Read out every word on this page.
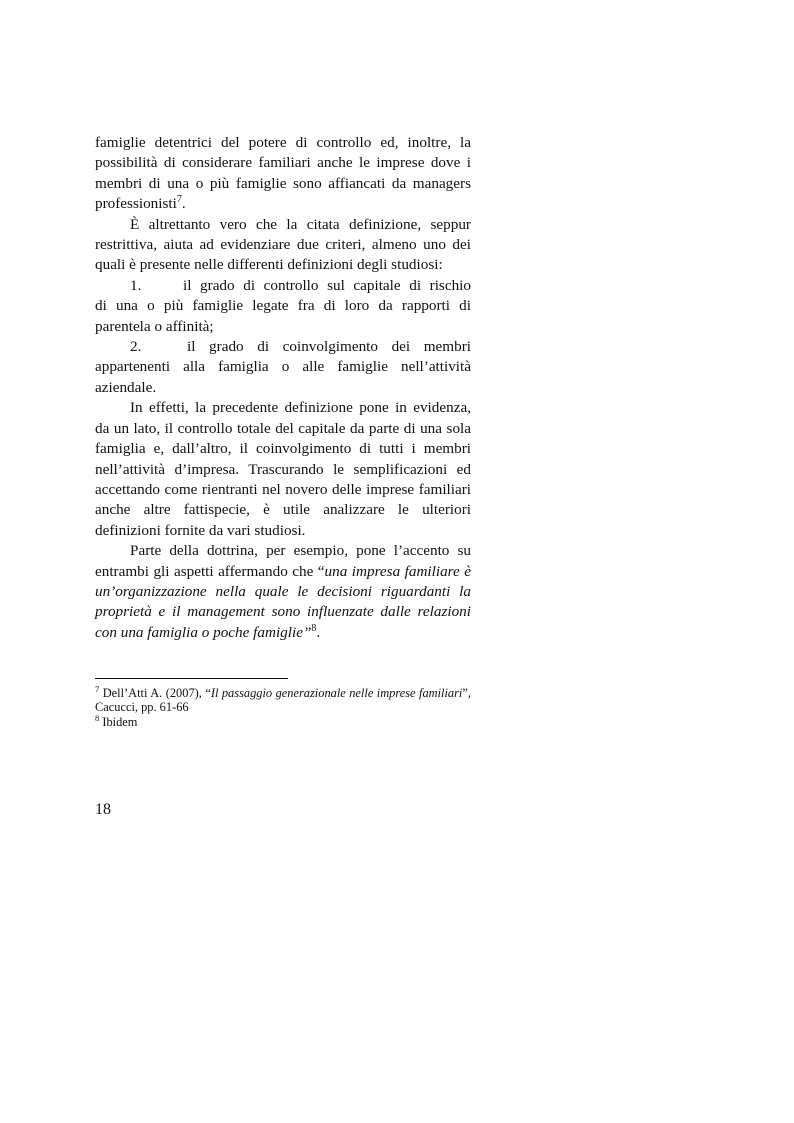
famiglie detentrici del potere di controllo ed, inoltre, la possibilità di considerare familiari anche le imprese dove i membri di una o più famiglie sono affiancati da managers professionisti$^7$.

È altrettanto vero che la citata definizione, seppur restrittiva, aiuta ad evidenziare due criteri, almeno uno dei quali è presente nelle differenti definizioni degli studiosi:

1.	il grado di controllo sul capitale di rischio
di una o più famiglie legate fra di loro da rapporti di parentela o affinità;
2.	il grado di coinvolgimento dei membri
appartenenti alla famiglia o alle famiglie nell’attività aziendale.

In effetti, la precedente definizione pone in evidenza, da un lato, il controllo totale del capitale da parte di una sola famiglia e, dall’altro, il coinvolgimento di tutti i membri nell’attività d’impresa. Trascurando le semplificazioni ed accettando come rientranti nel novero delle imprese familiari anche altre fattispecie, è utile analizzare le ulteriori definizioni fornite da vari studiosi.

Parte della dottrina, per esempio, pone l’accento su entrambi gli aspetti affermando che “una impresa familiare è un’organizzazione nella quale le decisioni riguardanti la proprietà e il management sono influenzate dalle relazioni con una famiglia o poche famiglie”$^8$.

$^7$ Dell’Atti A. (2007), “Il passaggio generazionale nelle imprese familiari”, Cacucci, pp. 61-66

$^8$ Ibidem

18
